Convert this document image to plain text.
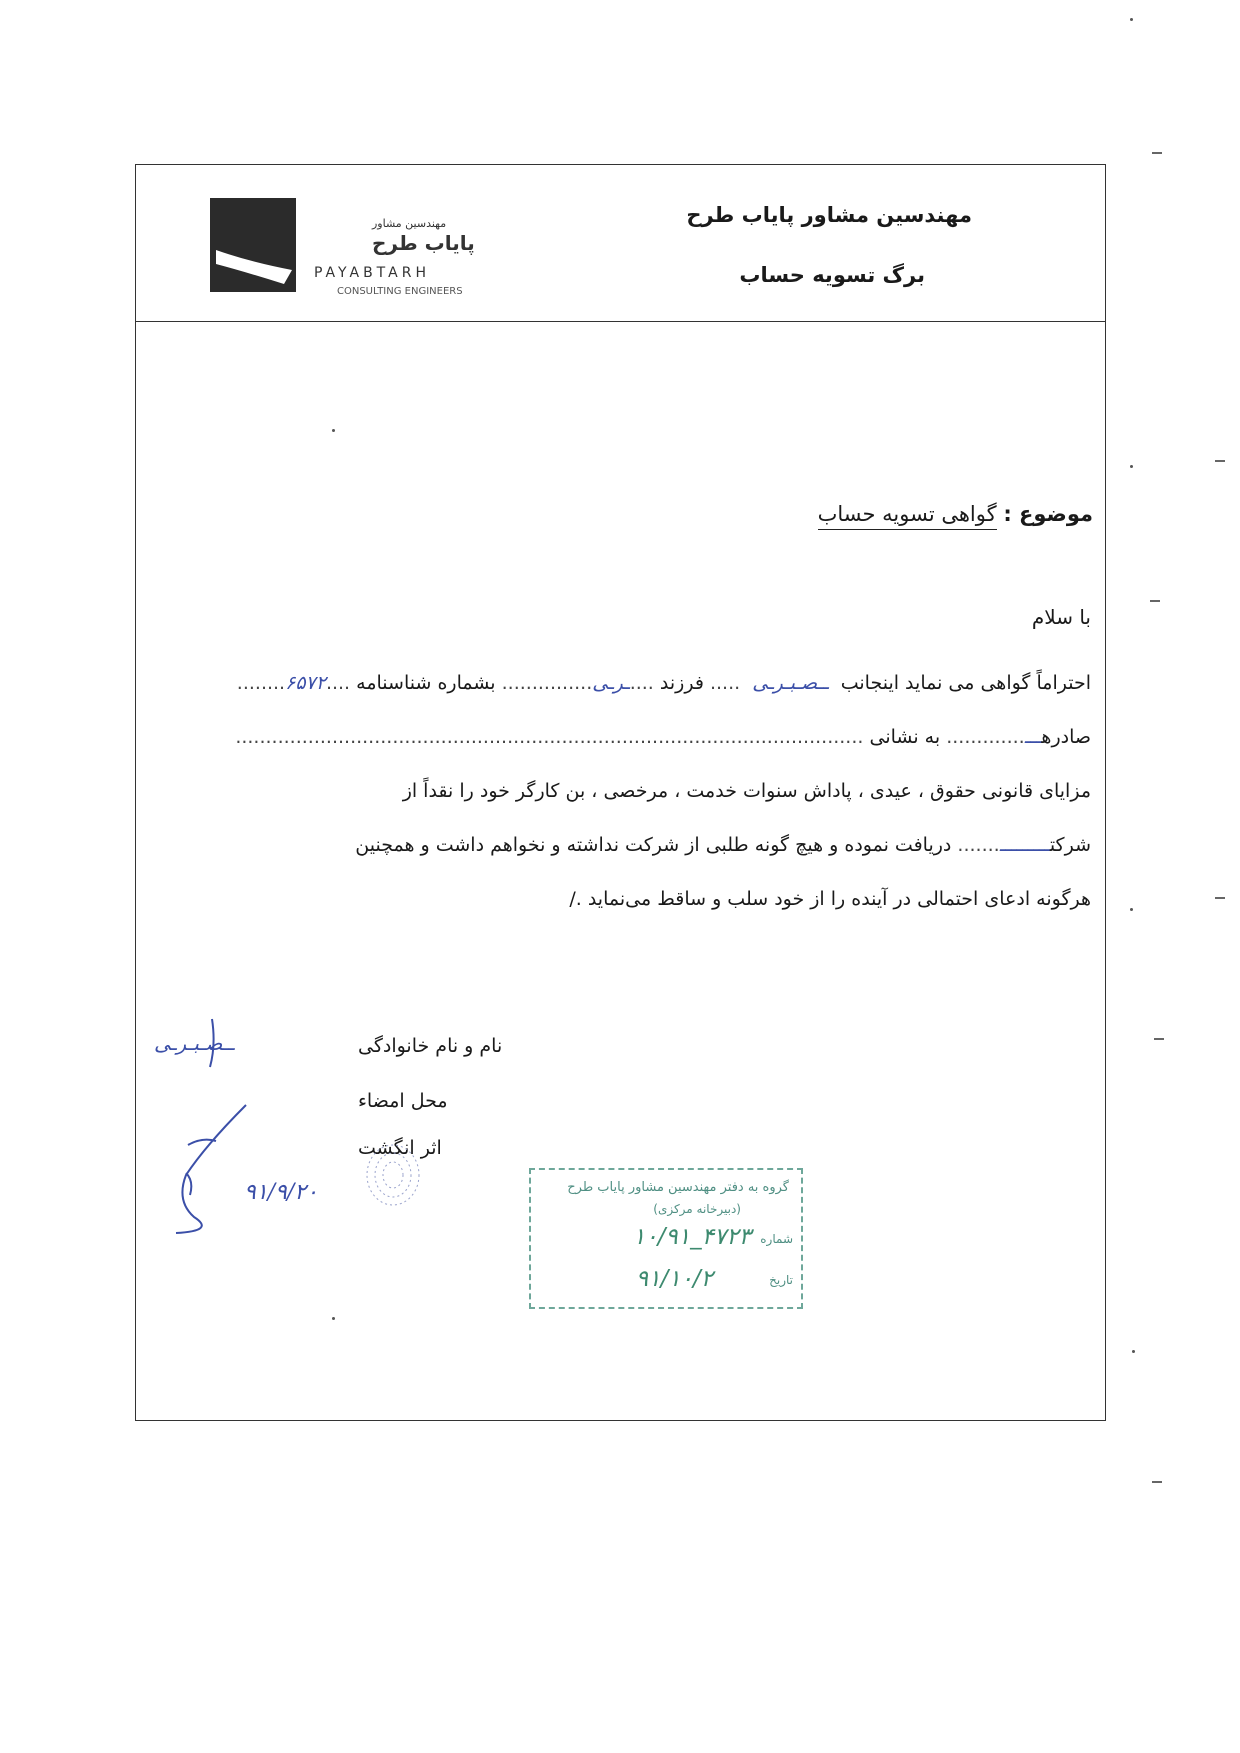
مهندسین مشاور پایاب طرح
برگ تسویه حساب
مهندسین مشاور
پایاب طرح
PAYABTARH
CONSULTING ENGINEERS
موضوع : گواهی تسویه حساب
با سلام
احتراماً گواهی می نماید اینجانب  ــصـبـرـی  ..... فرزند ....ـرـی............... بشماره شناسنامه ....۶۵۷۲........
صادرهـــ............. به نشانی ........................................................................................................
مزایای قانونی حقوق ، عیدی ، پاداش سنوات خدمت ، مرخصی ، بن کارگر خود را نقداً از
شرکتـــــــــ....... دریافت نموده و هیچ گونه طلبی از شرکت نداشته و نخواهم داشت و همچنین
هرگونه ادعای احتمالی در آینده را از خود سلب و ساقط می‌نماید ./
نام و نام خانوادگی
محل امضاء
اثر انگشت
ــصـبـرـی
۹۱/۹/۲۰	گروه به دفتر مهندسین مشاور پایاب طرح
(دبیرخانه مرکزی)
شماره
تاریخ
۱۰/۹۱_۴۷۲۳
۹۱/۱۰/۲
